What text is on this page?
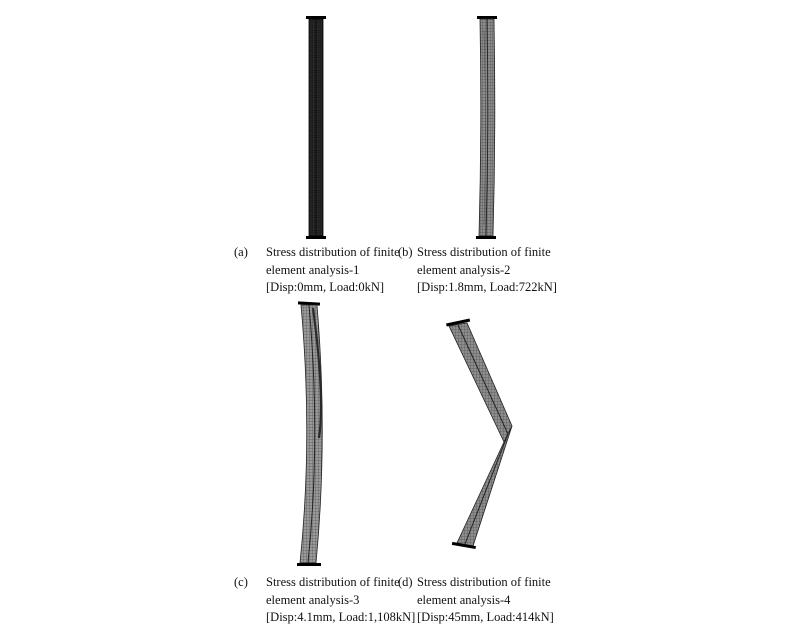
(a) Stress distribution of finite
element analysis-1
[Disp:0mm, Load:0kN]
(b) Stress distribution of finite
element analysis-2
[Disp:1.8mm, Load:722kN]
(c) Stress distribution of finite
element analysis-3
[Disp:4.1mm, Load:1,108kN]
(d) Stress distribution of finite
element analysis-4
[Disp:45mm, Load:414kN]
